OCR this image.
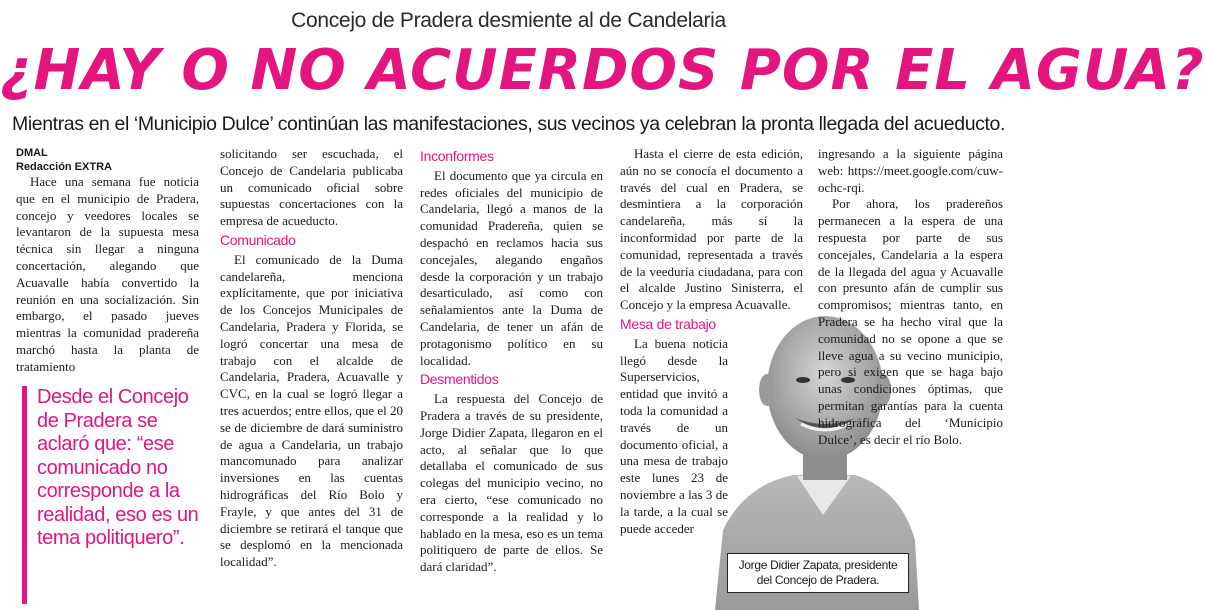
Concejo de Pradera desmiente al de Candelaria
¿HAY O NO ACUERDOS POR EL AGUA?
Mientras en el ‘Municipio Dulce’ continúan las manifestaciones, sus vecinos ya celebran la pronta llegada del acueducto.
DMAL
Redacción EXTRA

Hace una semana fue noticia que en el municipio de Pradera, concejo y veedores locales se levantaron de la supuesta mesa técnica sin llegar a ninguna concertación, alegando que Acuavalle había convertido la reunión en una socialización. Sin embargo, el pasado jueves mientras la comunidad pradereña marchó hasta la planta de tratamiento

Desde el Concejo de Pradera se aclaró que: “ese comunicado no corresponde a la realidad, eso es un tema politiquero”.

solicitando ser escuchada, el Concejo de Candelaria publicaba un comunicado oficial sobre supuestas concertaciones con la empresa de acueducto.

Comunicado

El comunicado de la Duma candelareña, menciona explícitamente, que por iniciativa de los Concejos Municipales de Candelaria, Pradera y Florida, se logró concertar una mesa de trabajo con el alcalde de Candelaria, Pradera, Acuavalle y CVC, en la cual se logró llegar a tres acuerdos; entre ellos, que el 20 se de diciembre de dará suministro de agua a Candelaria, un trabajo mancomunado para analizar inversiones en las cuentas hidrográficas del Río Bolo y Frayle, y que antes del 31 de diciembre se retirará el tanque que se desplomó en la mencionada localidad”.

Inconformes

El documento que ya circula en redes oficiales del municipio de Candelaria, llegó a manos de la comunidad Pradereña, quien se despachó en reclamos hacia sus concejales, alegando engaños desde la corporación y un trabajo desarticulado, así como con señalamientos ante la Duma de Candelaria, de tener un afán de protagonismo político en su localidad.

Desmentidos

La respuesta del Concejo de Pradera a través de su presidente, Jorge Didier Zapata, llegaron en el acto, al señalar que lo que detallaba el comunicado de sus colegas del municipio vecino, no era cierto, “ese comunicado no corresponde a la realidad y lo hablado en la mesa, eso es un tema politiquero de parte de ellos. Se dará claridad”.

Hasta el cierre de esta edición, aún no se conocía el documento a través del cual en Pradera, se desmintiera a la corporación candelareña, más sí la inconformidad por parte de la comunidad, representada a través de la veeduría ciudadana, para con el alcalde Justino Sinisterra, el Concejo y la empresa Acuavalle.

Mesa de trabajo

La buena noticia llegó desde la Superservicios, entidad que invitó a toda la comunidad a través de un documento oficial, a una mesa de trabajo este lunes 23 de noviembre a las 3 de la tarde, a la cual se puede acceder

Jorge Didier Zapata, presidente del Concejo de Pradera.

ingresando a la siguiente página web: https://meet.google.com/cuw-ochc-rqi.

Por ahora, los pradereños permanecen a la espera de una respuesta por parte de sus concejales, Candelaria a la espera de la llegada del agua y Acuavalle con presunto afán de cumplir sus compromisos; mientras tanto, en Pradera se ha hecho viral que la comunidad no se opone a que se lleve agua a su vecino municipio, pero si exigen que se haga bajo unas condiciones óptimas, que permitan garantías para la cuenta hidrográfica del ‘Municipio Dulce’, es decir el río Bolo.
